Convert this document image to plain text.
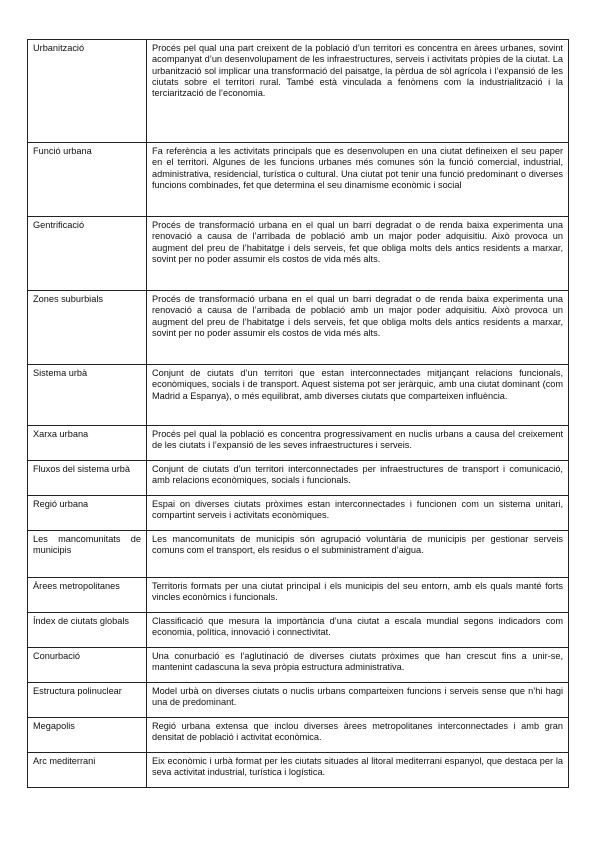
Urbanització	Procés pel qual una part creixent de la població d’un territori es concentra en àrees urbanes, sovint acompanyat d’un desenvolupament de les infraestructures, serveis i activitats pròpies de la ciutat. La urbanització sol implicar una transformació del paisatge, la pèrdua de sòl agrícola i l’expansió de les ciutats sobre el territori rural. També està vinculada a fenòmens com la industrialització i la terciarització de l’economia.
Funció urbana	Fa referència a les activitats principals que es desenvolupen en una ciutat defineixen el seu paper en el territori. Algunes de les funcions urbanes més comunes són la funció comercial, industrial, administrativa, residencial, turística o cultural. Una ciutat pot tenir una funció predominant o diverses funcions combinades, fet que determina el seu dinamisme econòmic i social
Gentrificació	Procés de transformació urbana en el qual un barri degradat o de renda baixa experimenta una renovació a causa de l’arribada de població amb un major poder adquisitiu. Això provoca un augment del preu de l’habitatge i dels serveis, fet que obliga molts dels antics residents a marxar, sovint per no poder assumir els costos de vida més alts.
Zones suburbials	Procés de transformació urbana en el qual un barri degradat o de renda baixa experimenta una renovació a causa de l’arribada de població amb un major poder adquisitiu. Això provoca un augment del preu de l’habitatge i dels serveis, fet que obliga molts dels antics residents a marxar, sovint per no poder assumir els costos de vida més alts.
Sistema urbà	Conjunt de ciutats d’un territori que estan interconnectades mitjançant relacions funcionals, econòmiques, socials i de transport. Aquest sistema pot ser jeràrquic, amb una ciutat dominant (com Madrid a Espanya), o més equilibrat, amb diverses ciutats que comparteixen influència.
Xarxa urbana	Procés pel qual la població es concentra progressivament en nuclis urbans a causa del creixement de les ciutats i l’expansió de les seves infraestructures i serveis.
Fluxos del sistema urbà	Conjunt de ciutats d’un territori interconnectades per infraestructures de transport i comunicació, amb relacions econòmiques, socials i funcionals.
Regió urbana	Espai on diverses ciutats pròximes estan interconnectades i funcionen com un sistema unitari, compartint serveis i activitats econòmiques.
Les mancomunitats de municipis	Les mancomunitats de municipis són agrupació voluntària de municipis per gestionar serveis comuns com el transport, els residus o el subministrament d’aigua.
Àrees metropolitanes	Territoris formats per una ciutat principal i els municipis del seu entorn, amb els quals manté forts vincles econòmics i funcionals.
Índex de ciutats globals	Classificació que mesura la importància d’una ciutat a escala mundial segons indicadors com economia, política, innovació i connectivitat.
Conurbació	Una conurbació es l’aglutinació de diverses ciutats pròximes que han crescut fins a unir-se, mantenint cadascuna la seva pròpia estructura administrativa.
Estructura polinuclear	Model urbà on diverses ciutats o nuclis urbans comparteixen funcions i serveis sense que n’hi hagi una de predominant.
Megapolis	Regió urbana extensa que inclou diverses àrees metropolitanes interconnectades i amb gran densitat de població i activitat econòmica.
Arc mediterrani	Eix econòmic i urbà format per les ciutats situades al litoral mediterrani espanyol, que destaca per la seva activitat industrial, turística i logística.
